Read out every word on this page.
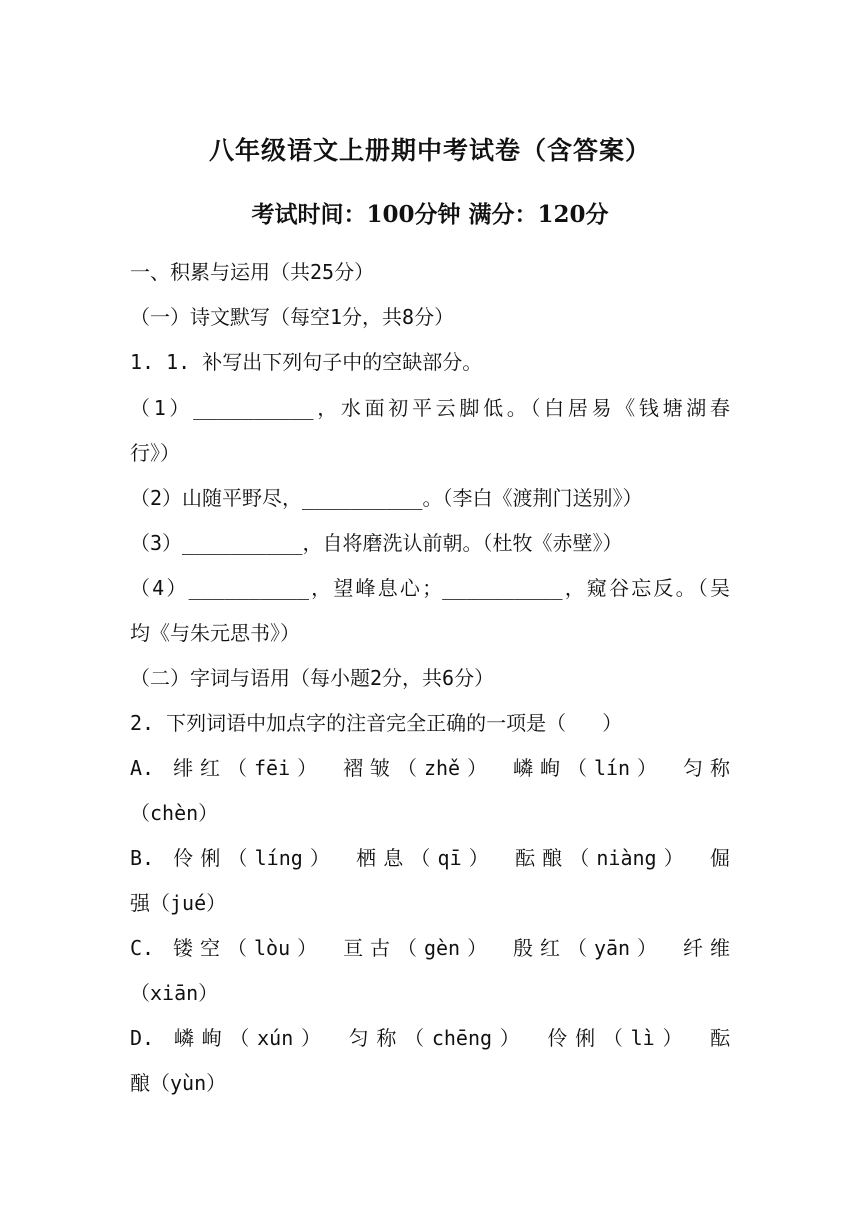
八年级语文上册期中考试卷（含答案）
考试时间：100分钟 满分：120分
一、积累与运用（共25分）
（一）诗文默写（每空1分，共8分）
1. 1. 补写出下列句子中的空缺部分。
（1）__________，水面初平云脚低。（白居易《钱塘湖春
行》）
（2）山随平野尽，__________。（李白《渡荆门送别》）
（3）__________，自将磨洗认前朝。（杜牧《赤壁》）
（4）__________，望峰息心；__________，窥谷忘反。（吴
均《与朱元思书》）
（二）字词与语用（每小题2分，共6分）
2. 下列词语中加点字的注音完全正确的一项是（   ）
A. 绯红（fēi） 褶皱（zhě） 嶙峋（lín） 匀称
（chèn）
B. 伶俐（líng） 栖息（qī） 酝酿（niàng） 倔
强（jué）
C. 镂空（lòu） 亘古（gèn） 殷红（yān） 纤维
（xiān）
D. 嶙峋（xún） 匀称（chēng） 伶俐（lì） 酝
酿（yùn）
